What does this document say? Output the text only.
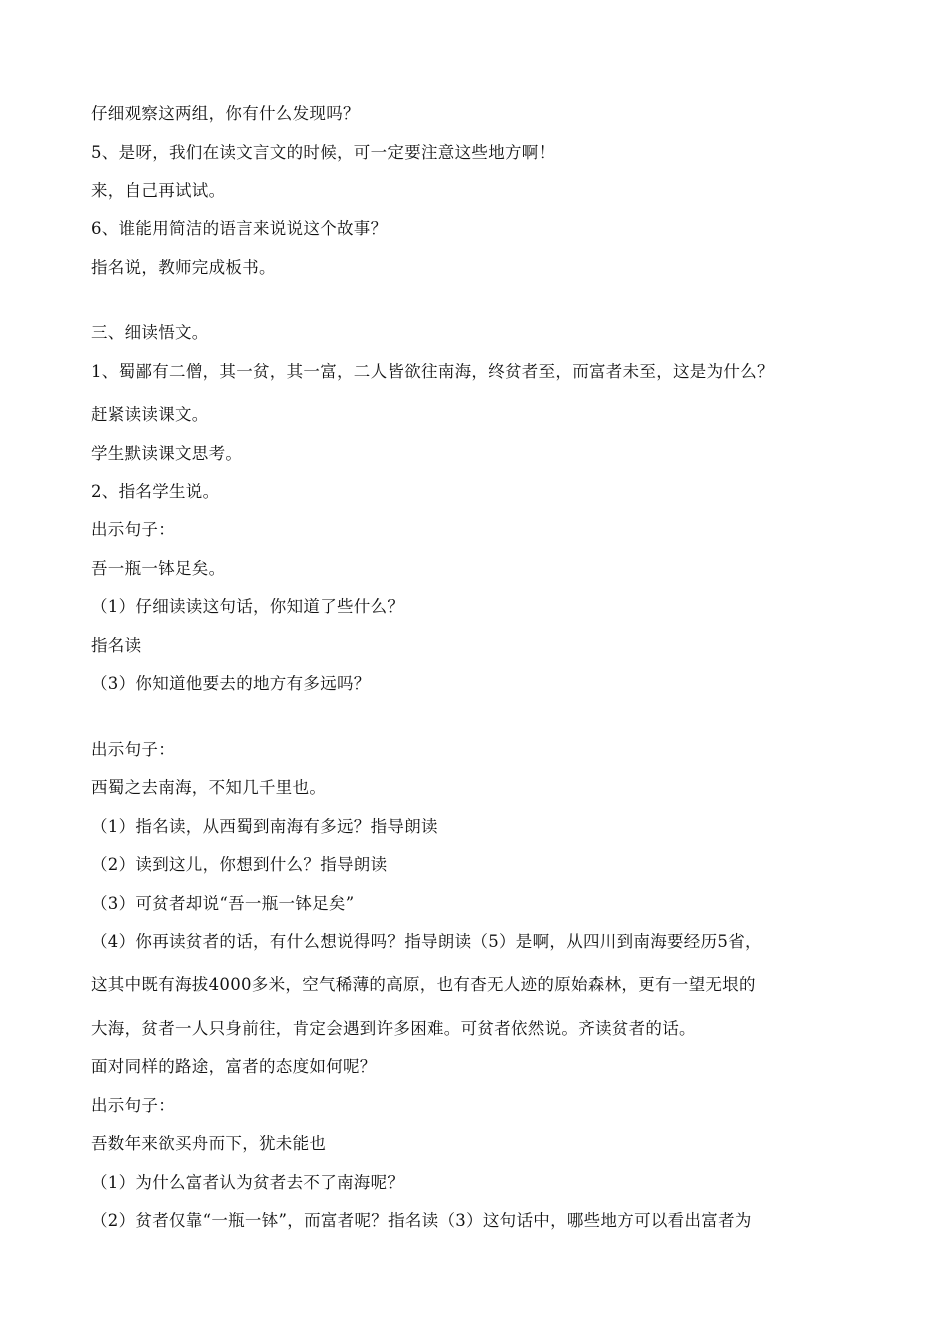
仔细观察这两组，你有什么发现吗？
5、是呀，我们在读文言文的时候，可一定要注意这些地方啊！
来，自己再试试。
6、谁能用简洁的语言来说说这个故事？
指名说，教师完成板书。
三、细读悟文。
1、蜀鄙有二僧，其一贫，其一富，二人皆欲往南海，终贫者至，而富者未至，这是为什么？
赶紧读读课文。
学生默读课文思考。
2、指名学生说。
出示句子：
吾一瓶一钵足矣。
（1）仔细读读这句话，你知道了些什么？
指名读
（3）你知道他要去的地方有多远吗？
出示句子：
西蜀之去南海，不知几千里也。
（1）指名读，从西蜀到南海有多远？指导朗读
（2）读到这儿，你想到什么？指导朗读
（3）可贫者却说“吾一瓶一钵足矣”
（4）你再读贫者的话，有什么想说得吗？指导朗读（5）是啊，从四川到南海要经历5省，
这其中既有海拔4000多米，空气稀薄的高原，也有杳无人迹的原始森林，更有一望无垠的
大海，贫者一人只身前往，肯定会遇到许多困难。可贫者依然说。齐读贫者的话。
面对同样的路途，富者的态度如何呢？
出示句子：
吾数年来欲买舟而下，犹未能也
（1）为什么富者认为贫者去不了南海呢？
（2）贫者仅靠“一瓶一钵”，而富者呢？指名读（3）这句话中，哪些地方可以看出富者为
